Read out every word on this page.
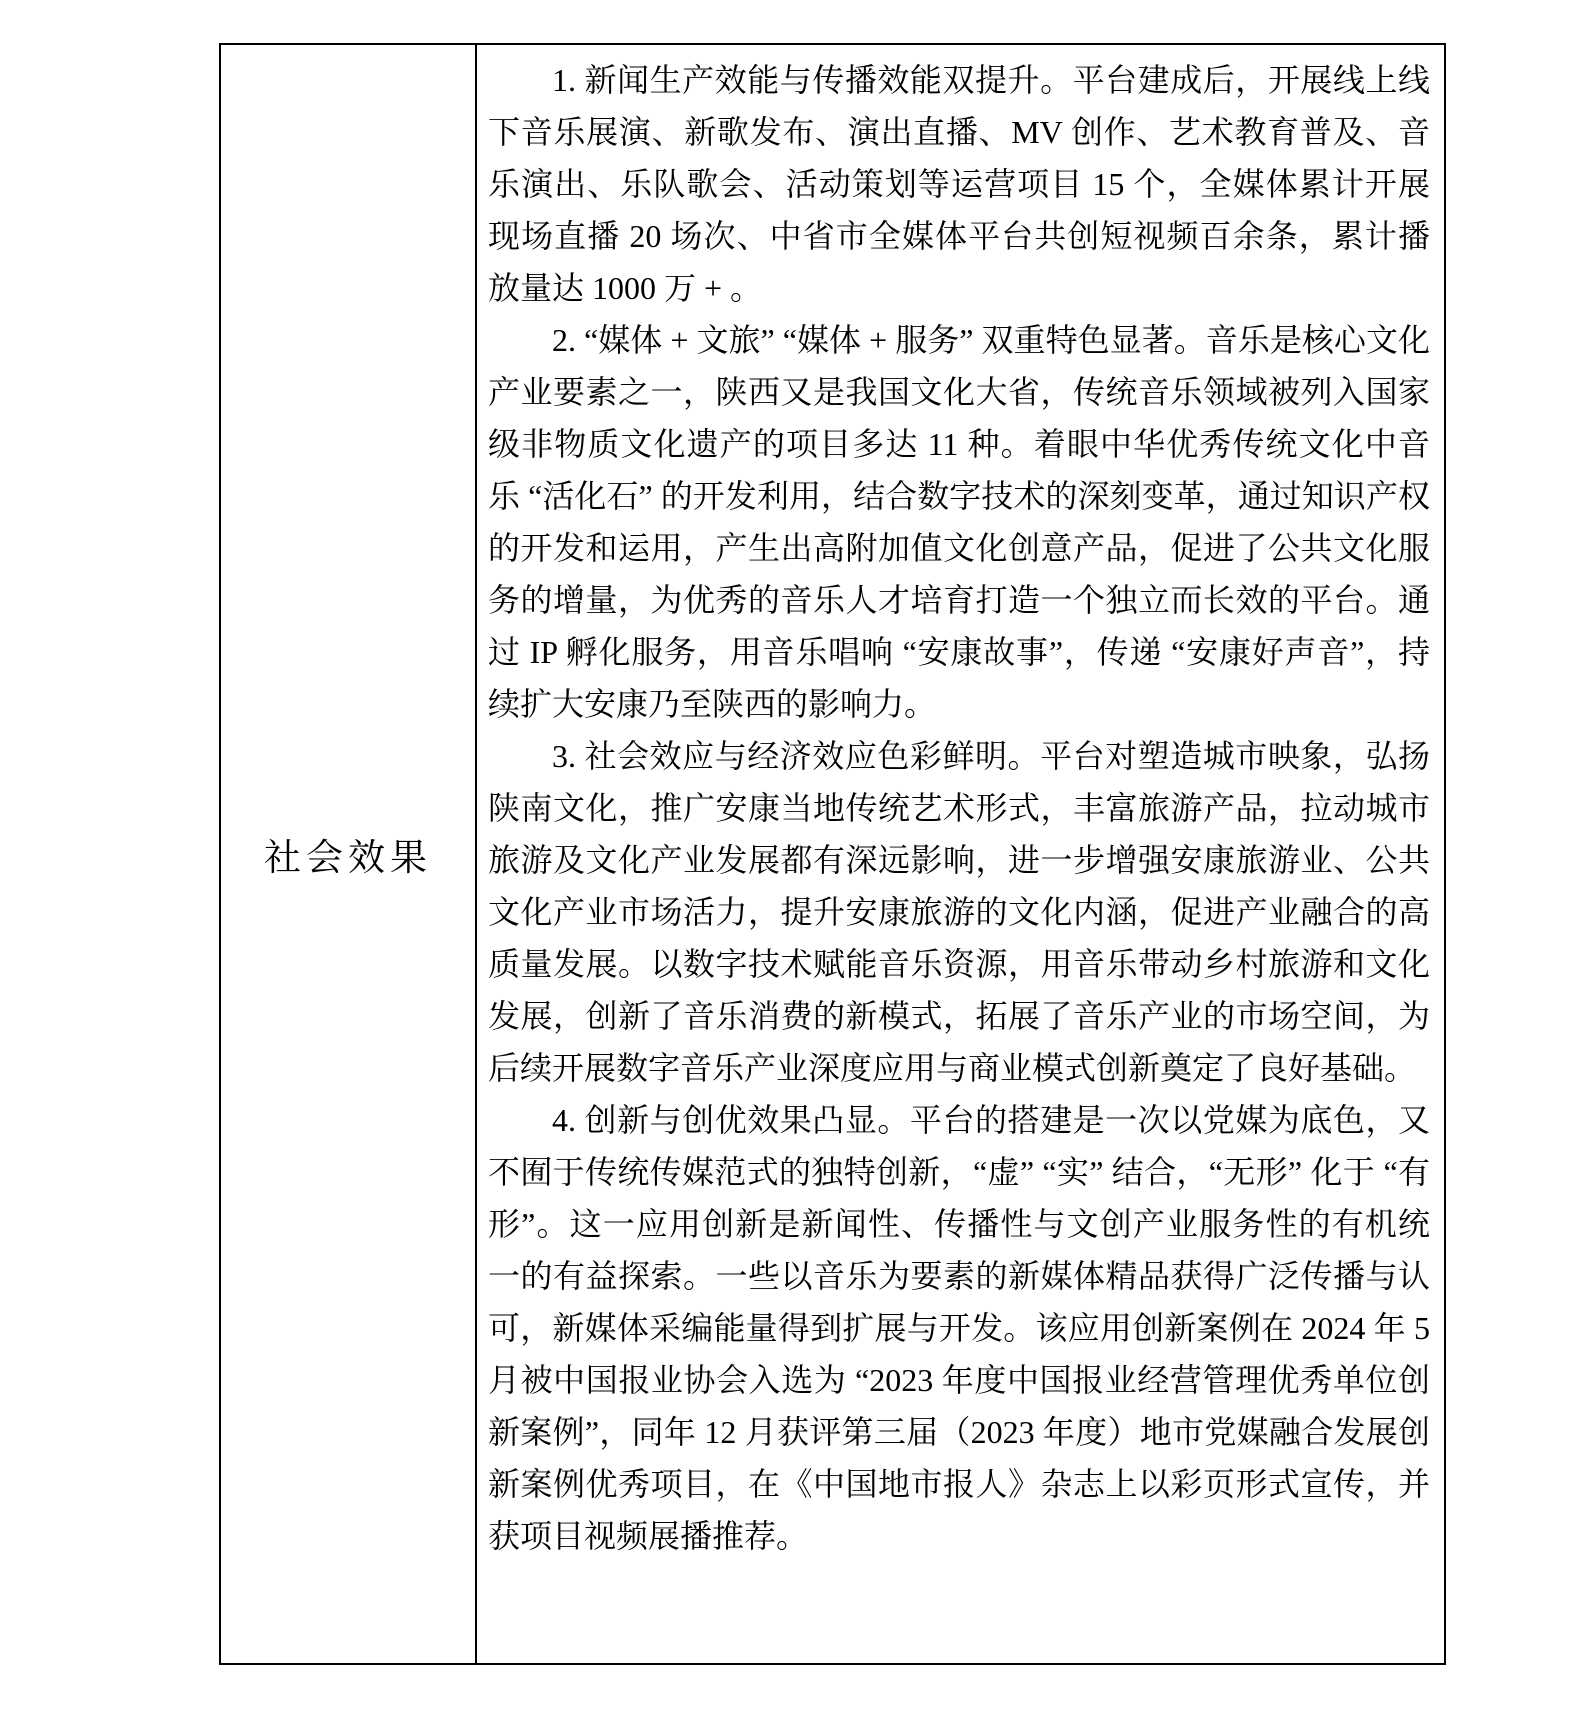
社会效果

1. 新闻生产效能与传播效能双提升。平台建成后，开展线上线下音乐展演、新歌发布、演出直播、MV 创作、艺术教育普及、音乐演出、乐队歌会、活动策划等运营项目 15 个，全媒体累计开展现场直播 20 场次、中省市全媒体平台共创短视频百余条，累计播放量达 1000 万 + 。

2. “媒体 + 文旅” “媒体 + 服务” 双重特色显著。音乐是核心文化产业要素之一，陕西又是我国文化大省，传统音乐领域被列入国家级非物质文化遗产的项目多达 11 种。着眼中华优秀传统文化中音乐 “活化石” 的开发利用，结合数字技术的深刻变革，通过知识产权的开发和运用，产生出高附加值文化创意产品，促进了公共文化服务的增量，为优秀的音乐人才培育打造一个独立而长效的平台。通过 IP 孵化服务，用音乐唱响 “安康故事”，传递 “安康好声音”，持续扩大安康乃至陕西的影响力。

3. 社会效应与经济效应色彩鲜明。平台对塑造城市映象，弘扬陕南文化，推广安康当地传统艺术形式，丰富旅游产品，拉动城市旅游及文化产业发展都有深远影响，进一步增强安康旅游业、公共文化产业市场活力，提升安康旅游的文化内涵，促进产业融合的高质量发展。以数字技术赋能音乐资源，用音乐带动乡村旅游和文化发展，创新了音乐消费的新模式，拓展了音乐产业的市场空间，为后续开展数字音乐产业深度应用与商业模式创新奠定了良好基础。

4. 创新与创优效果凸显。平台的搭建是一次以党媒为底色，又不囿于传统传媒范式的独特创新，“虚” “实” 结合，“无形” 化于 “有形”。这一应用创新是新闻性、传播性与文创产业服务性的有机统一的有益探索。一些以音乐为要素的新媒体精品获得广泛传播与认可，新媒体采编能量得到扩展与开发。该应用创新案例在 2024 年 5 月被中国报业协会入选为 “2023 年度中国报业经营管理优秀单位创新案例”，同年 12 月获评第三届（2023 年度）地市党媒融合发展创新案例优秀项目，在《中国地市报人》杂志上以彩页形式宣传，并获项目视频展播推荐。
